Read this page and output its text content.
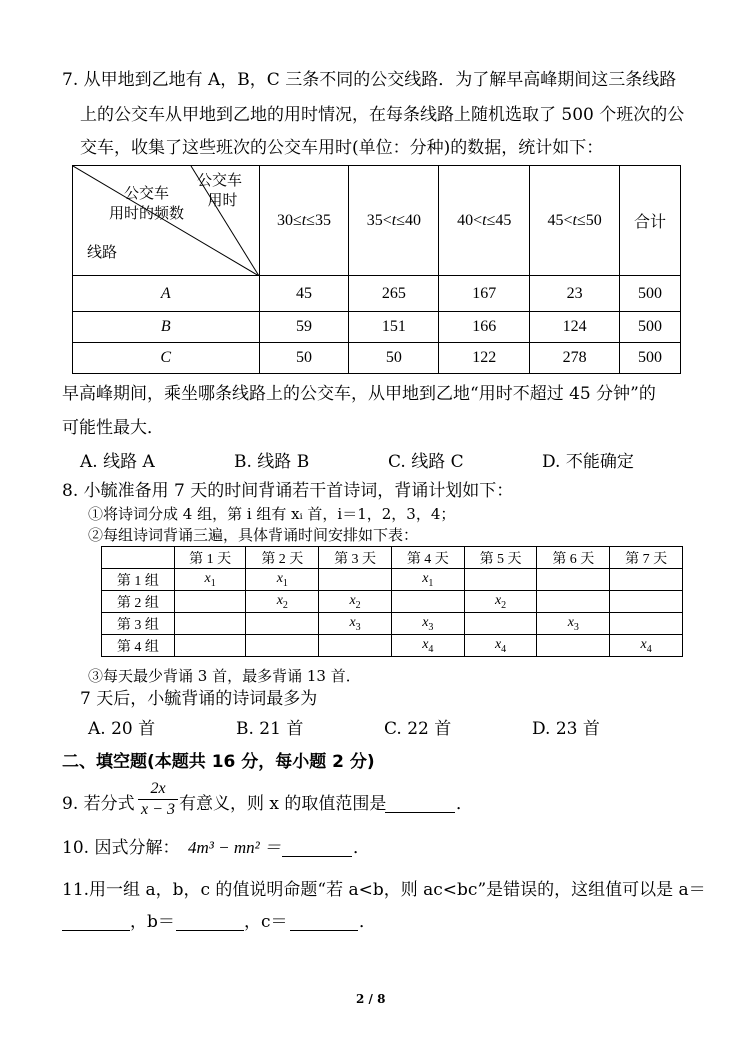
7. 从甲地到乙地有 A，B，C 三条不同的公交线路．为了解早高峰期间这三条线路
上的公交车从甲地到乙地的用时情况，在每条线路上随机选取了 500 个班次的公
交车，收集了这些班次的公交车用时(单位：分种)的数据，统计如下：
公交车
用时
公交车
用时的频数
线路	30≤t≤35	35<t≤40	40<t≤45	45<t≤50	合计
A	45	265	167	23	500
B	59	151	166	124	500
C	50	50	122	278	500
早高峰期间，乘坐哪条线路上的公交车，从甲地到乙地“用时不超过 45 分钟”的
可能性最大．
A. 线路 A	B. 线路 B	C. 线路 C	D. 不能确定
8. 小毓准备用 7 天的时间背诵若干首诗词，背诵计划如下：
①将诗词分成 4 组，第 i 组有 xᵢ 首，i＝1，2，3，4；
②每组诗词背诵三遍，具体背诵时间安排如下表：
	第 1 天	第 2 天	第 3 天	第 4 天	第 5 天	第 6 天	第 7 天
第 1 组	$x_1$	$x_1$		$x_1$			
第 2 组		$x_2$	$x_2$		$x_2$		
第 3 组			$x_3$	$x_3$		$x_3$	
第 4 组				$x_4$	$x_4$		$x_4$
③每天最少背诵 3 首，最多背诵 13 首．
7 天后，小毓背诵的诗词最多为
A. 20 首	B. 21 首	C. 22 首	D. 23 首
二、填空题(本题共 16 分，每小题 2 分)
9. 若分式
2x
x − 3 有意义，则 x 的取值范围是	．
10. 因式分解： 4m³ − mn² ＝	．
11.用一组 a，b，c 的值说明命题“若 a<b，则 ac<bc”是错误的，这组值可以是 a＝
，b＝	，c＝	．
2 / 8
